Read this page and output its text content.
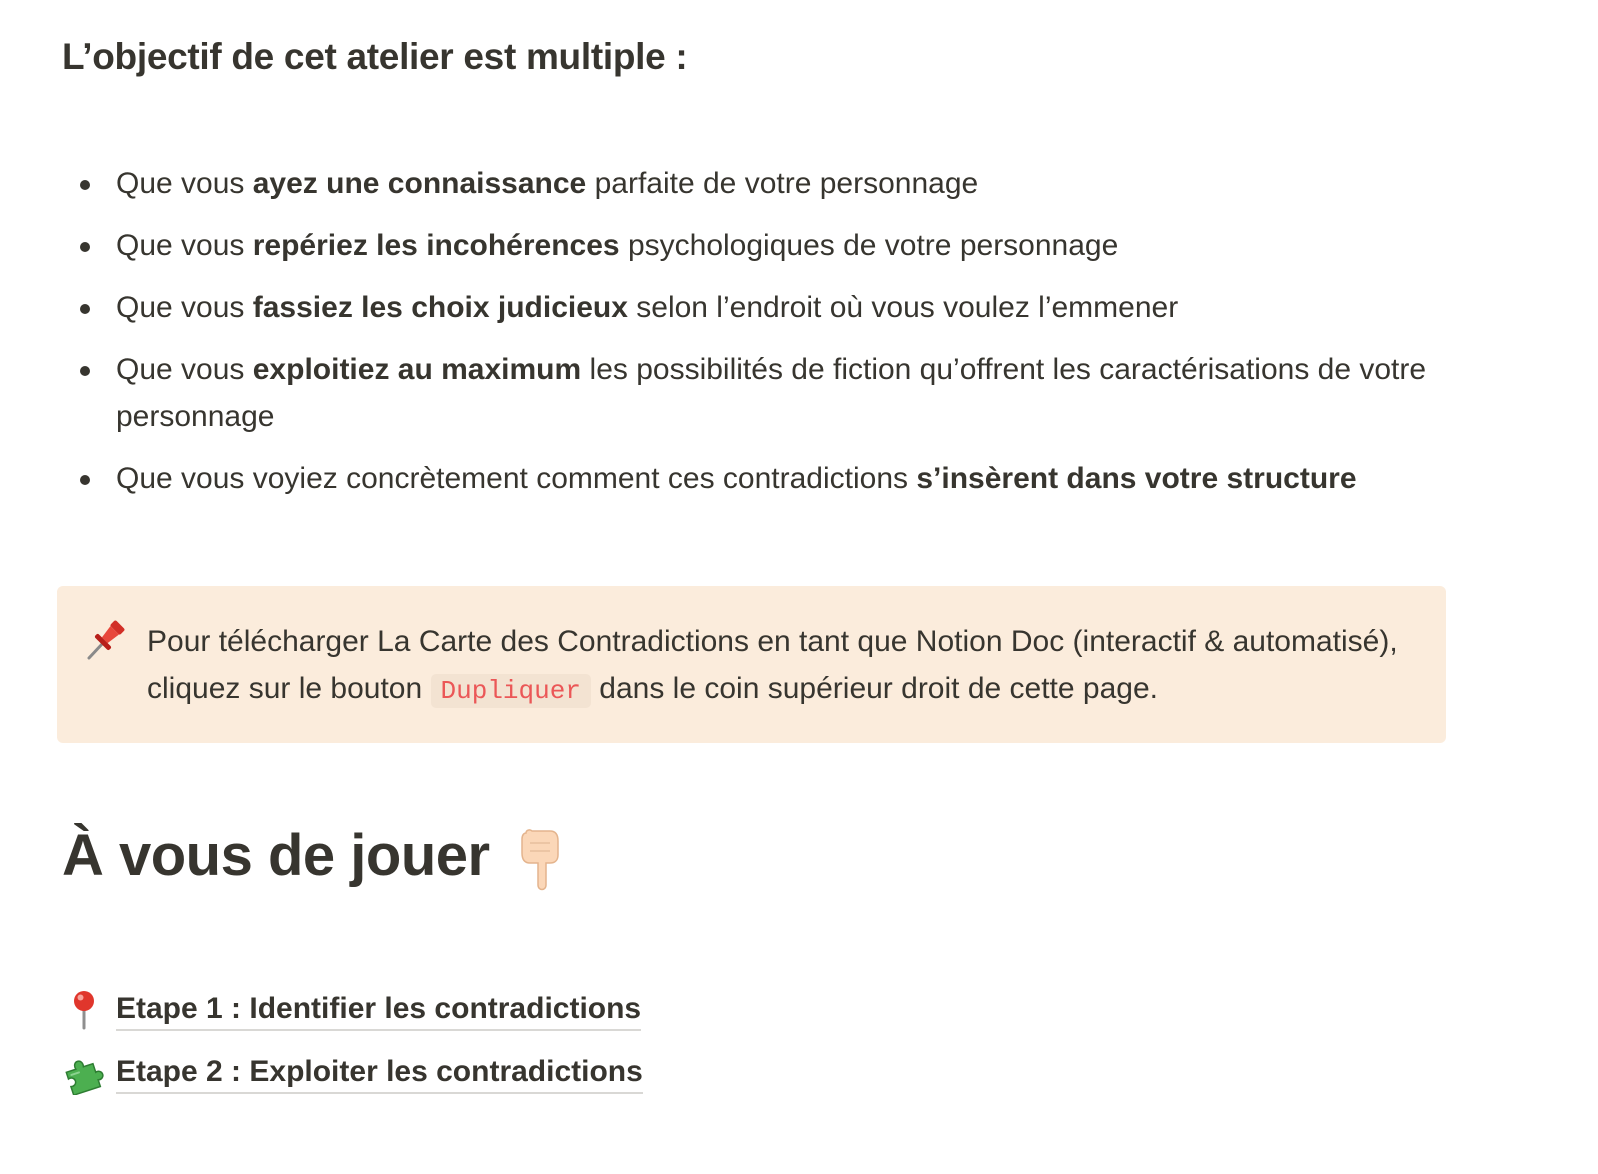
L’objectif de cet atelier est multiple :
Que vous ayez une connaissance parfaite de votre personnage
Que vous repériez les incohérences psychologiques de votre personnage
Que vous fassiez les choix judicieux selon l’endroit où vous voulez l’emmener
Que vous exploitiez au maximum les possibilités de fiction qu’offrent les caractérisations de votre personnage
Que vous voyiez concrètement comment ces contradictions s’insèrent dans votre structure

Pour télécharger La Carte des Contradictions en tant que Notion Doc (interactif & automatisé), cliquez sur le bouton Dupliquer dans le coin supérieur droit de cette page.

À vous de jouer
Etape 1 : Identifier les contradictions
Etape 2 : Exploiter les contradictions
